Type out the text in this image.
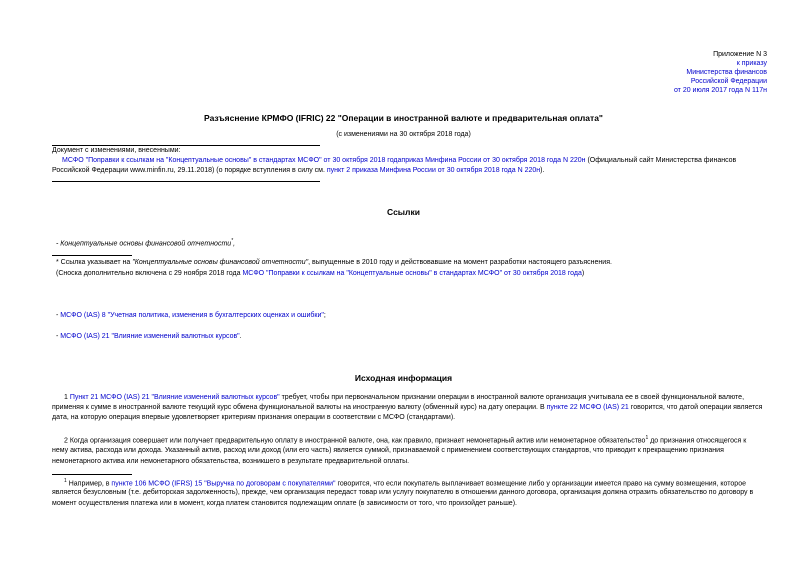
Приложение N 3
к приказу
Министерства финансов
Российской Федерации
от 20 июля 2017 года N 117н
Разъяснение КРМФО (IFRIC) 22 "Операции в иностранной валюте и предварительная оплата"
(с изменениями на 30 октября 2018 года)
Документ с изменениями, внесенными:
МСФО "Поправки к ссылкам на "Концептуальные основы" в стандартах МСФО" от 30 октября 2018 годаприказ Минфина России от 30 октября 2018 года N 220н (Официальный сайт Министерства финансов
Российской Федерации www.minfin.ru, 29.11.2018) (о порядке вступления в силу см. пункт 2 приказа Минфина России от 30 октября 2018 года N 220н).
Ссылки
- Концептуальные основы финансовой отчетности*,
* Ссылка указывает на "Концептуальные основы финансовой отчетности", выпущенные в 2010 году и действовавшие на момент разработки настоящего разъяснения.
(Сноска дополнительно включена с 29 ноября 2018 года МСФО "Поправки к ссылкам на "Концептуальные основы" в стандартах МСФО" от 30 октября 2018 года)
- МСФО (IAS) 8 "Учетная политика, изменения в бухгалтерских оценках и ошибки";
- МСФО (IAS) 21 "Влияние изменений валютных курсов".
Исходная информация
1 Пункт 21 МСФО (IAS) 21 "Влияние изменений валютных курсов" требует, чтобы при первоначальном признании операции в иностранной валюте организация учитывала ее в своей функциональной валюте,
применяя к сумме в иностранной валюте текущий курс обмена функциональной валюты на иностранную валюту (обменный курс) на дату операции. В пункте 22 МСФО (IAS) 21 говорится, что датой операции является
дата, на которую операция впервые удовлетворяет критериям признания операции в соответствии с МСФО (стандартами).
2 Когда организация совершает или получает предварительную оплату в иностранной валюте, она, как правило, признает немонетарный актив или немонетарное обязательство$^1$ до признания относящегося к
нему актива, расхода или дохода. Указанный актив, расход или доход (или его часть) является суммой, признаваемой с применением соответствующих стандартов, что приводит к прекращению признания
немонетарного актива или немонетарного обязательства, возникшего в результате предварительной оплаты.
$^1$ Например, в пункте 106 МСФО (IFRS) 15 "Выручка по договорам с покупателями" говорится, что если покупатель выплачивает возмещение либо у организации имеется право на сумму возмещения, которое
является безусловным (т.е. дебиторская задолженность), прежде, чем организация передаст товар или услугу покупателю в отношении данного договора, организация должна отразить обязательство по договору в
момент осуществления платежа или в момент, когда платеж становится подлежащим оплате (в зависимости от того, что произойдет раньше).
